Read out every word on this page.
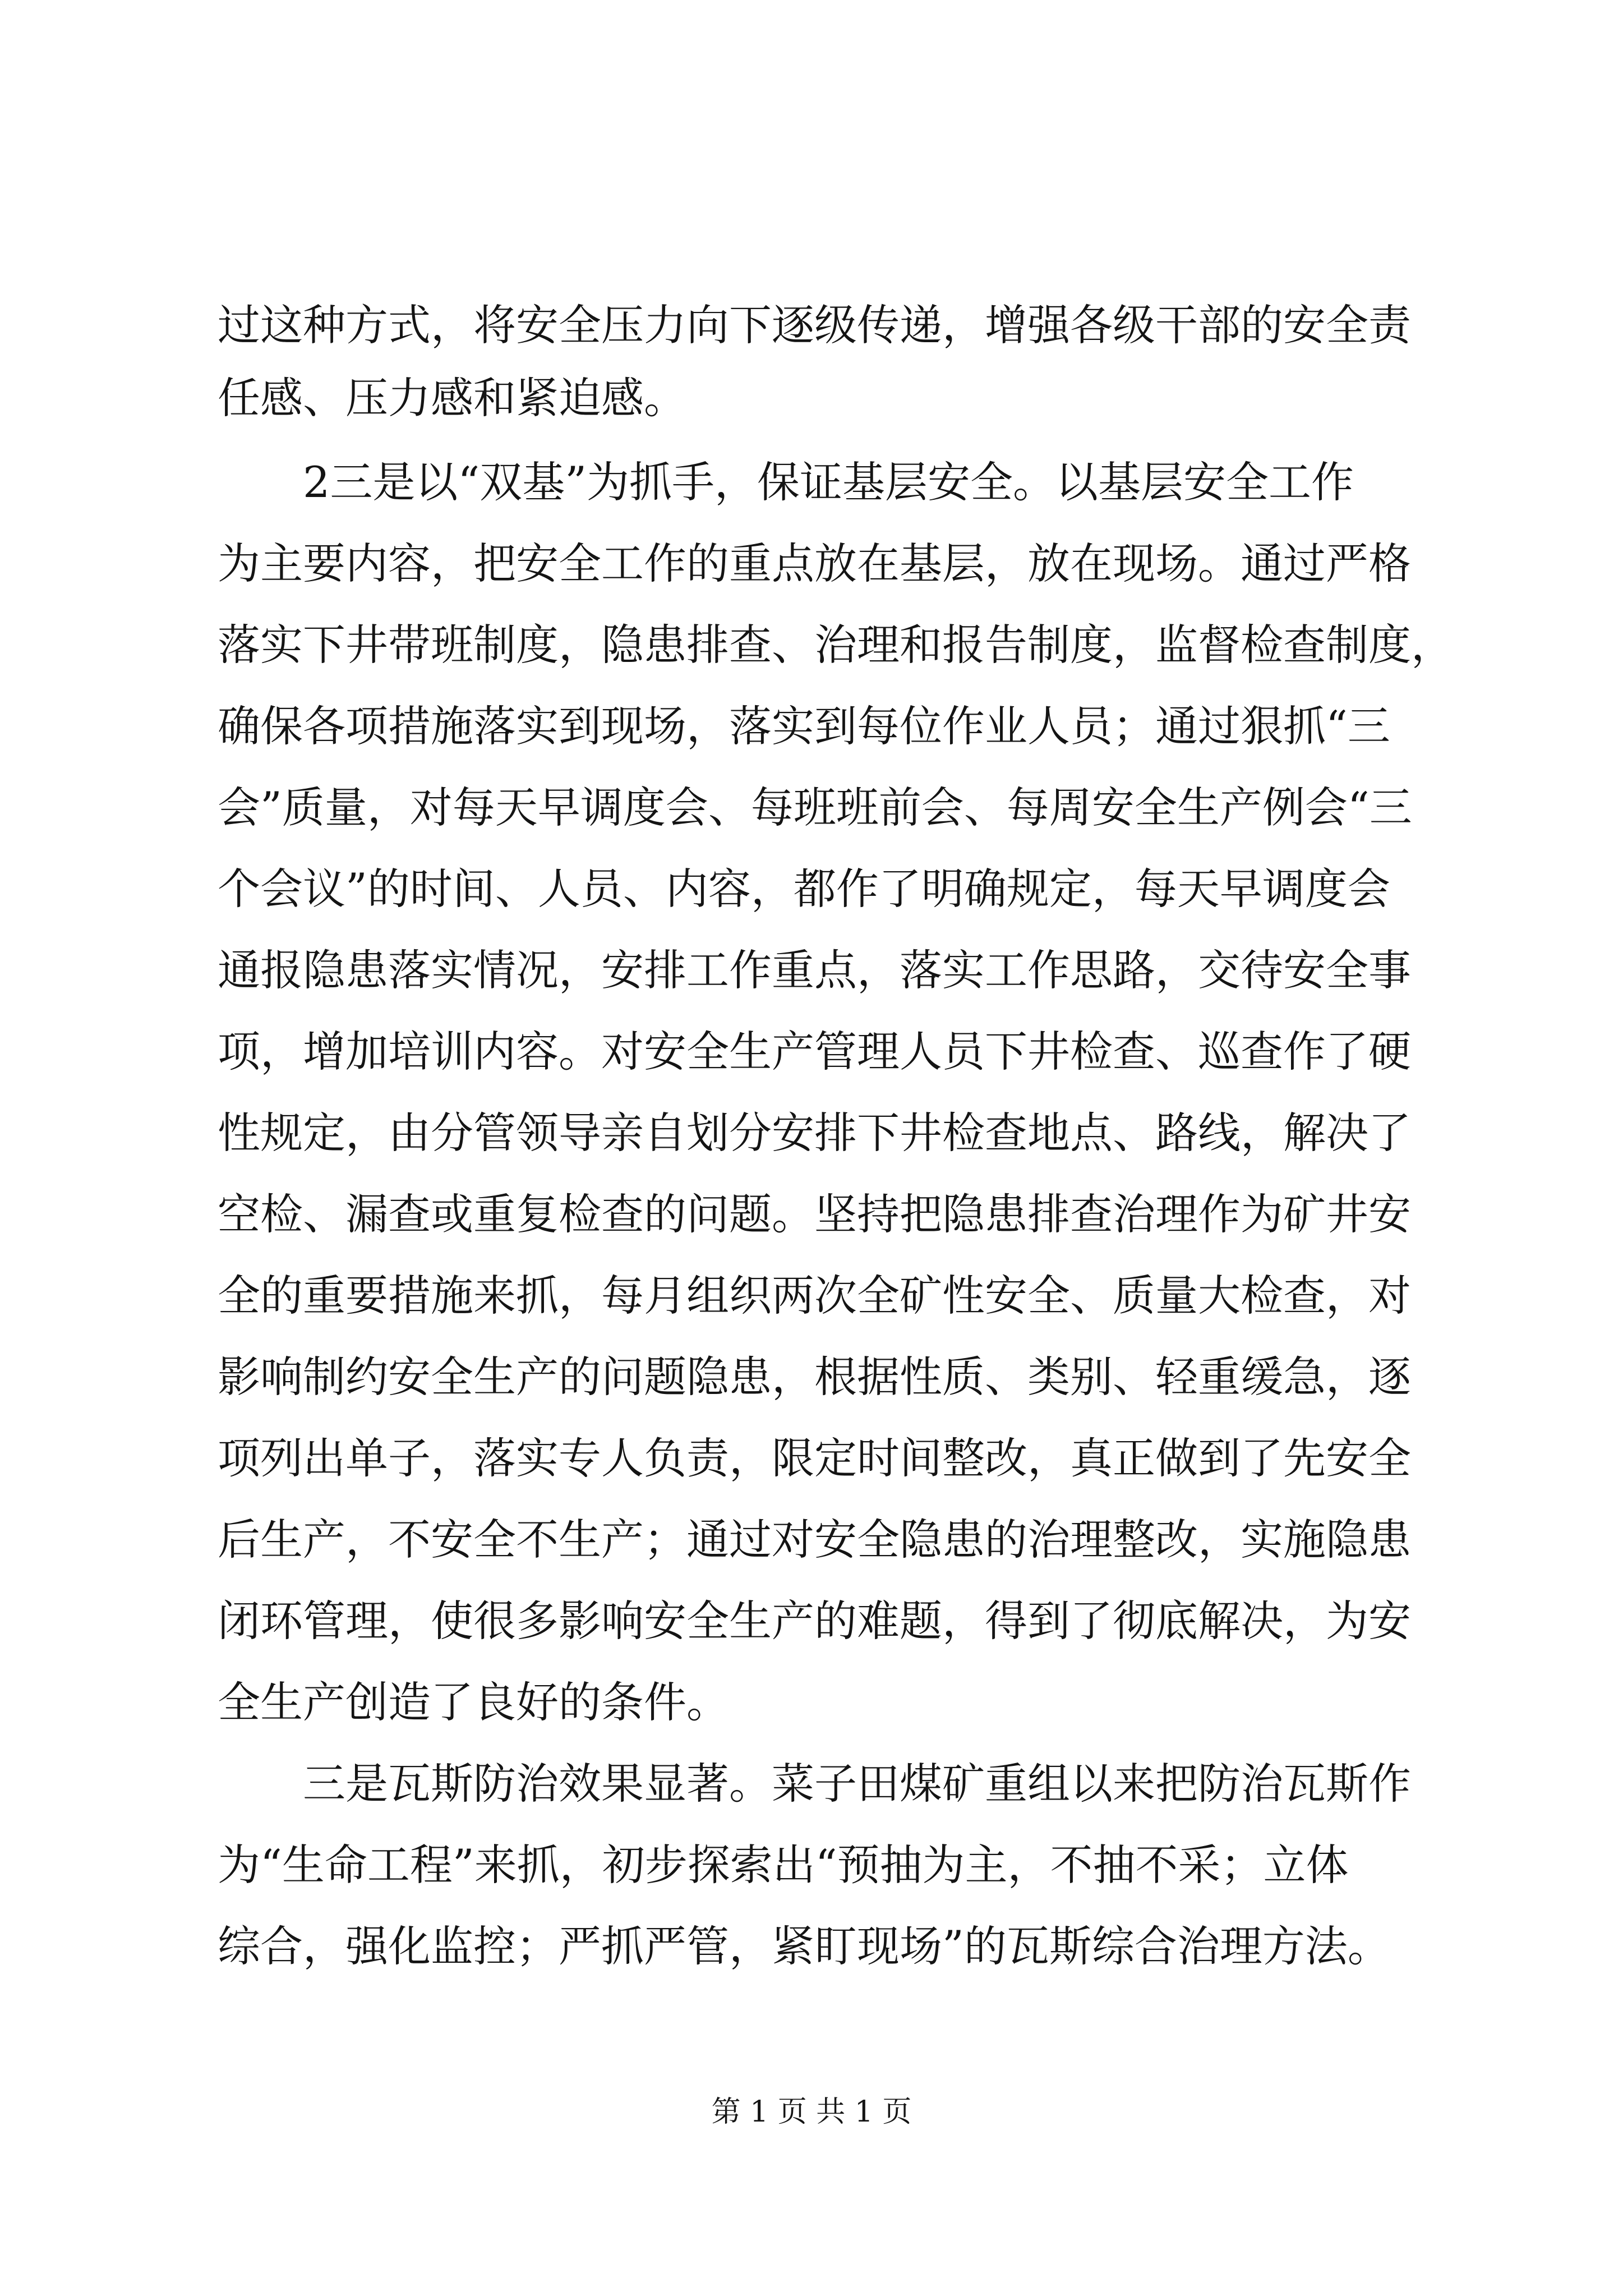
过这种方式，将安全压力向下逐级传递，增强各级干部的安全责

任感、压力感和紧迫感。

　　2三是以“双基”为抓手，保证基层安全。以基层安全工作

为主要内容，把安全工作的重点放在基层，放在现场。通过严格

落实下井带班制度，隐患排查、治理和报告制度，监督检查制度，

确保各项措施落实到现场，落实到每位作业人员；通过狠抓“三

会”质量，对每天早调度会、每班班前会、每周安全生产例会“三

个会议”的时间、人员、内容，都作了明确规定，每天早调度会

通报隐患落实情况，安排工作重点，落实工作思路，交待安全事

项，增加培训内容。对安全生产管理人员下井检查、巡查作了硬

性规定，由分管领导亲自划分安排下井检查地点、路线，解决了

空检、漏查或重复检查的问题。坚持把隐患排查治理作为矿井安

全的重要措施来抓，每月组织两次全矿性安全、质量大检查，对

影响制约安全生产的问题隐患，根据性质、类别、轻重缓急，逐

项列出单子，落实专人负责，限定时间整改，真正做到了先安全

后生产，不安全不生产；通过对安全隐患的治理整改，实施隐患

闭环管理，使很多影响安全生产的难题，得到了彻底解决，为安

全生产创造了良好的条件。

　　三是瓦斯防治效果显著。菜子田煤矿重组以来把防治瓦斯作

为“生命工程”来抓，初步探索出“预抽为主，不抽不采；立体

综合，强化监控；严抓严管，紧盯现场”的瓦斯综合治理方法。

第 1 页 共 1 页
